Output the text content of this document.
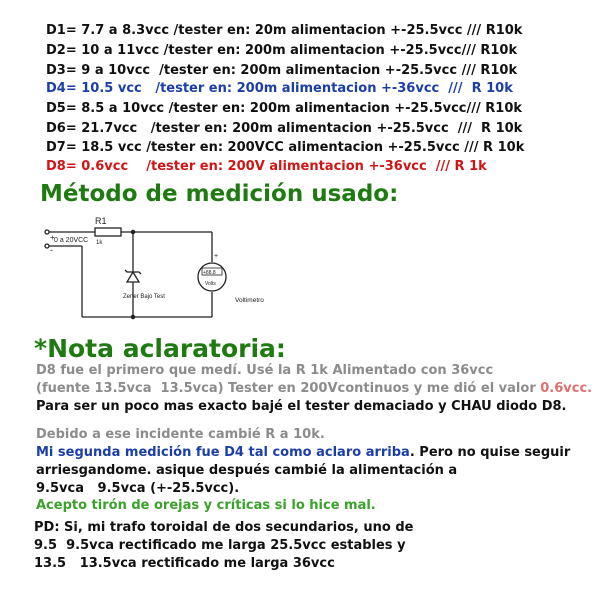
D1= 7.7 a 8.3vcc /tester en: 20m alimentacion +-25.5vcc /// R10k
D2= 10 a 11vcc /tester en: 200m alimentacion +-25.5vcc/// R10k
D3= 9 a 10vcc  /tester en: 200m alimentacion +-25.5vcc /// R10k
D4= 10.5 vcc   /tester en: 200m alimentacion +-36vcc  ///  R 10k
D5= 8.5 a 10vcc /tester en: 200m alimentacion +-25.5vcc/// R10k
D6= 21.7vcc   /tester en: 200m alimentacion +-25.5vcc  ///  R 10k
D7= 18.5 vcc /tester en: 200VCC alimentacion +-25.5vcc /// R 10k
D8= 0.6vcc    /tester en: 200V alimentacion +-36vcc  /// R 1k
Método de medición usado:
+
-
0 a 20VCC
R1
1k
Zener Bajo Test
+88.8
Volts
Voltimetro
+
*Nota aclaratoria:
D8 fue el primero que medí. Usé la R 1k Alimentado con 36vcc
(fuente 13.5vca  13.5vca) Tester en 200Vcontinuos y me dió el valor 0.6vcc.
Para ser un poco mas exacto bajé el tester demaciado y CHAU diodo D8.
Debido a ese incidente cambié R a 10k.
Mi segunda medición fue D4 tal como aclaro arriba. Pero no quise seguir
arriesgandome. asique después cambié la alimentación a
9.5vca   9.5vca (+-25.5vcc).
Acepto tirón de orejas y críticas si lo hice mal.
PD: Si, mi trafo toroidal de dos secundarios, uno de
9.5  9.5vca rectificado me larga 25.5vcc estables y
13.5   13.5vca rectificado me larga 36vcc
